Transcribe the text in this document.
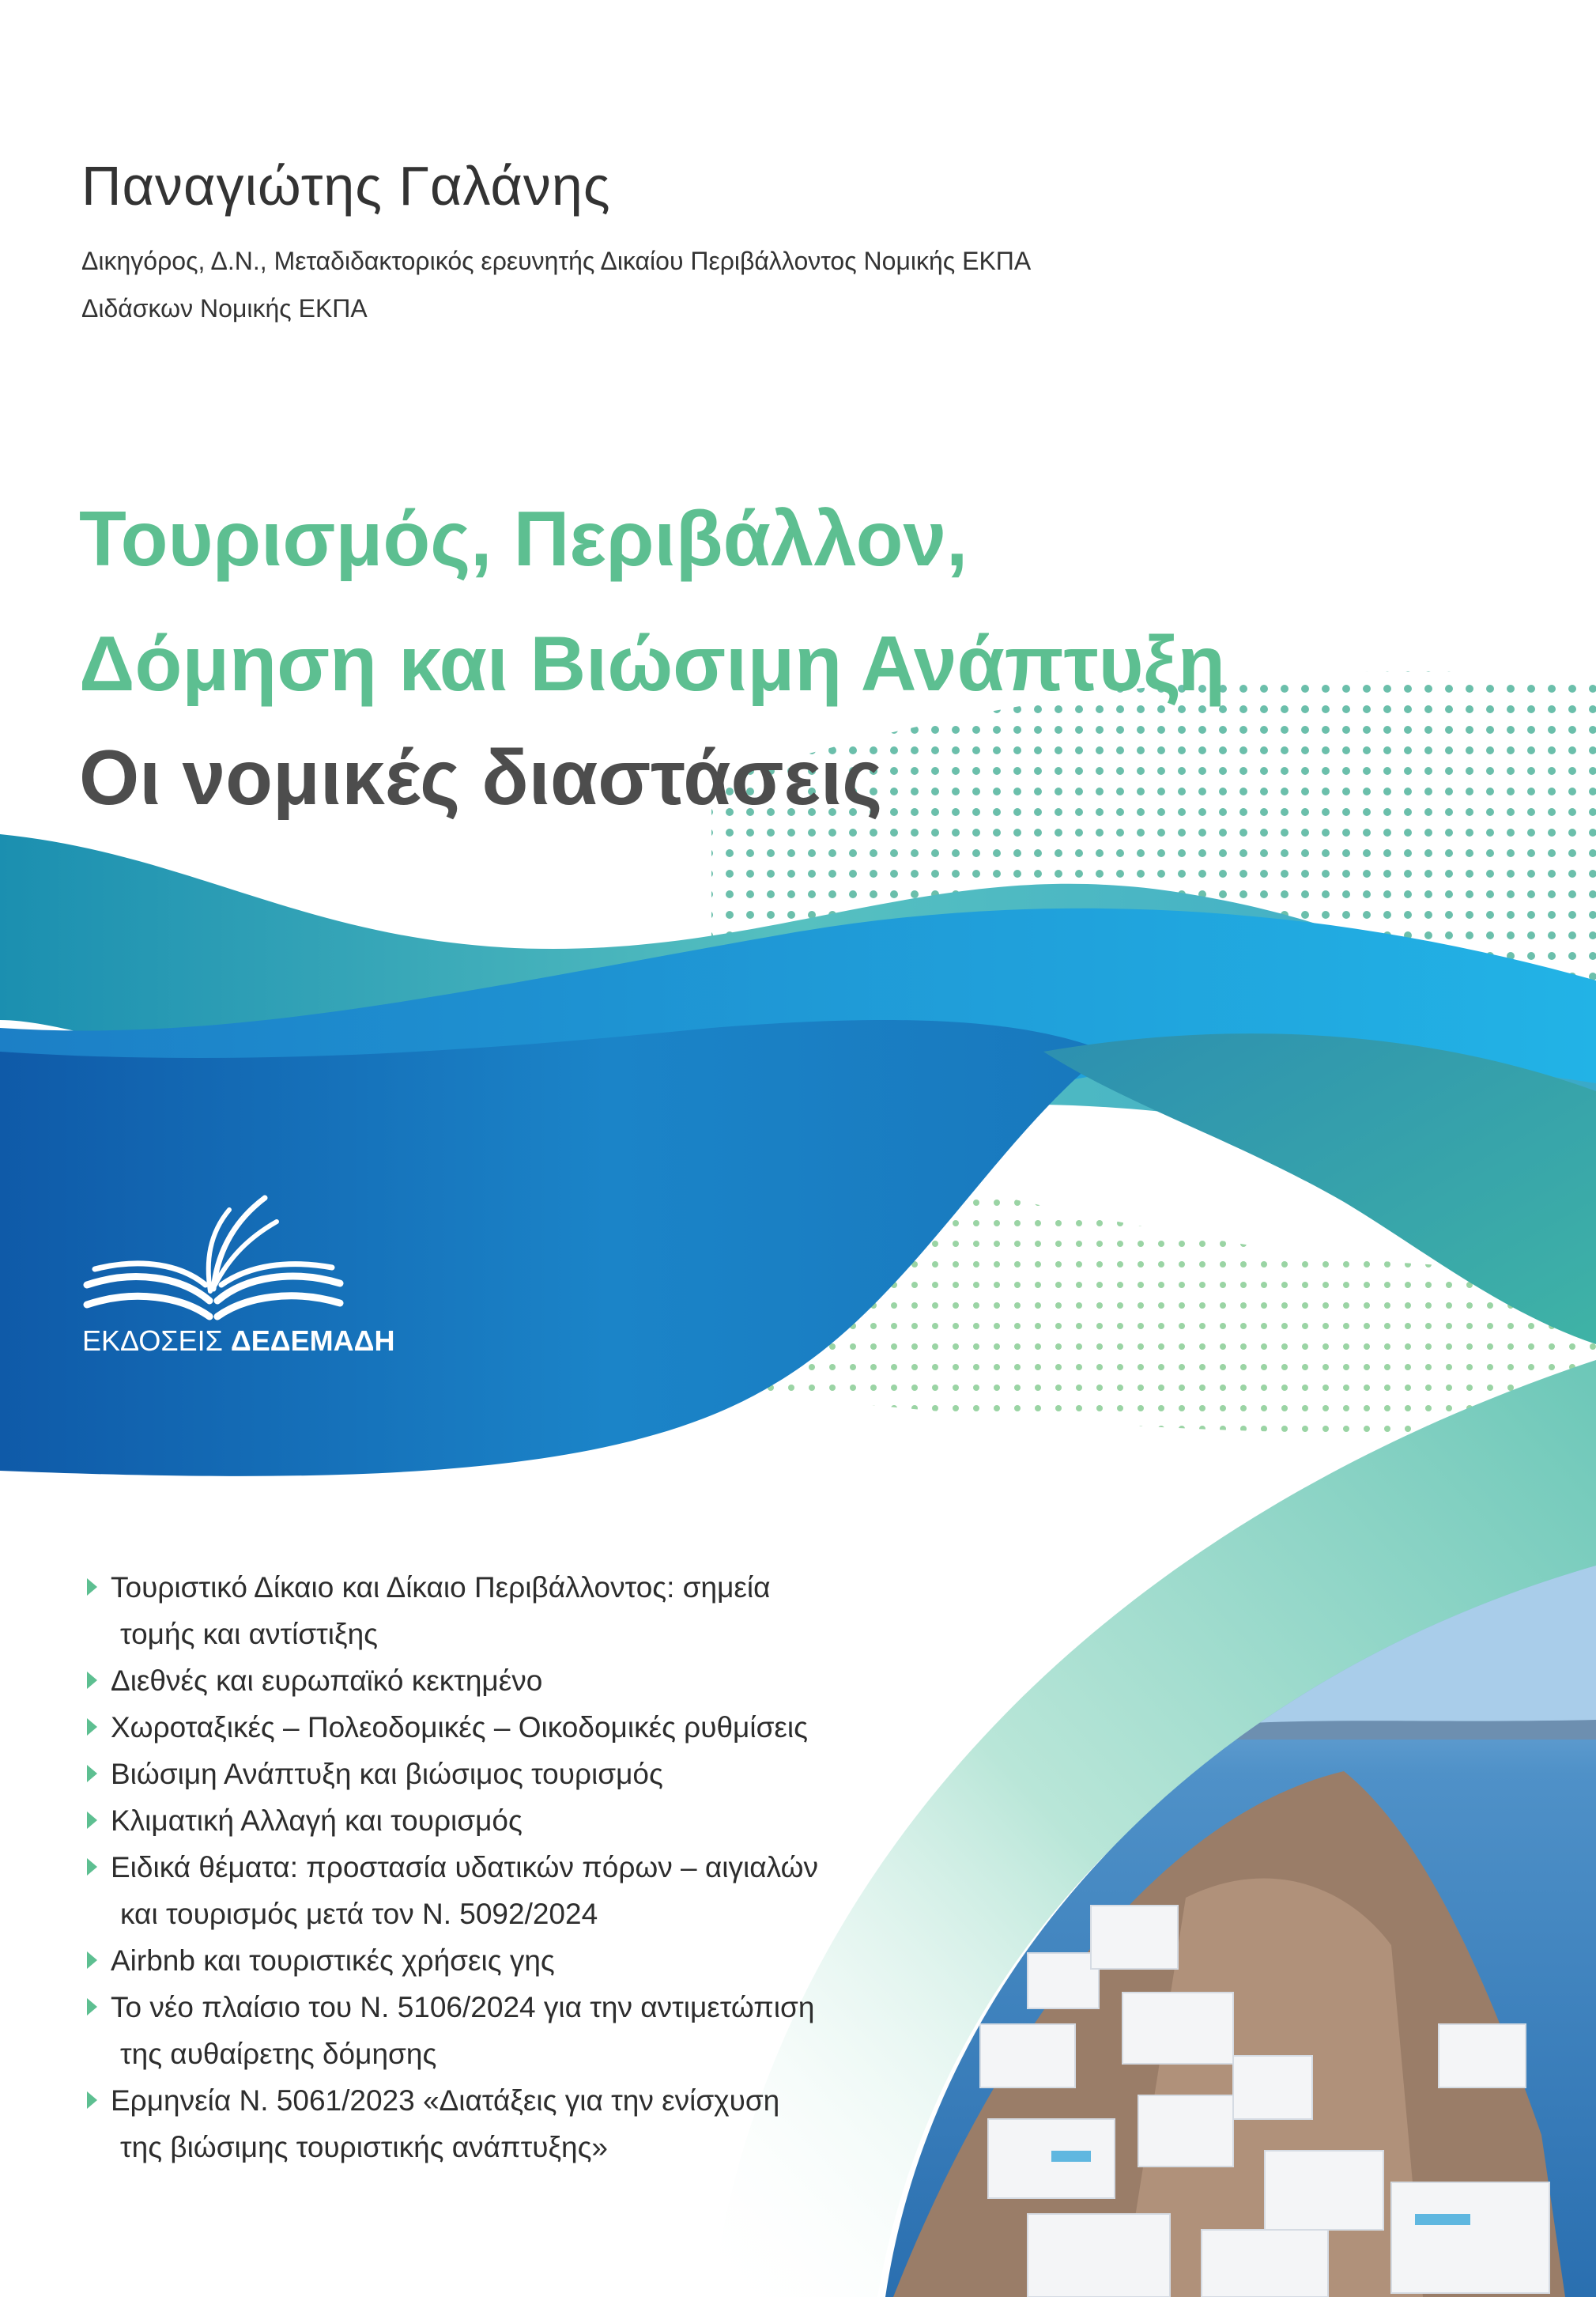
Παναγιώτης Γαλάνης
Δικηγόρος, Δ.Ν., Μεταδιδακτορικός ερευνητής Δικαίου Περιβάλλοντος Νομικής ΕΚΠΑ
Διδάσκων Νομικής ΕΚΠΑ
Τουρισμός, Περιβάλλον,
Δόμηση και Βιώσιμη Ανάπτυξη
Οι νομικές διαστάσεις
ΕΚΔΟΣΕΙΣ ΔΕΔΕΜΑΔΗ
Τουριστικό Δίκαιο και Δίκαιο Περιβάλλοντος: σημεία
τομής και αντίστιξης
Διεθνές και ευρωπαϊκό κεκτημένο
Χωροταξικές – Πολεοδομικές – Οικοδομικές ρυθμίσεις
Βιώσιμη Ανάπτυξη και βιώσιμος τουρισμός
Κλιματική Αλλαγή και τουρισμός
Ειδικά θέματα: προστασία υδατικών πόρων – αιγιαλών
και τουρισμός μετά τον Ν. 5092/2024
Airbnb και τουριστικές χρήσεις γης
Το νέο πλαίσιο του Ν. 5106/2024 για την αντιμετώπιση
της αυθαίρετης δόμησης
Ερμηνεία Ν. 5061/2023 «Διατάξεις για την ενίσχυση
της βιώσιμης τουριστικής ανάπτυξης»
